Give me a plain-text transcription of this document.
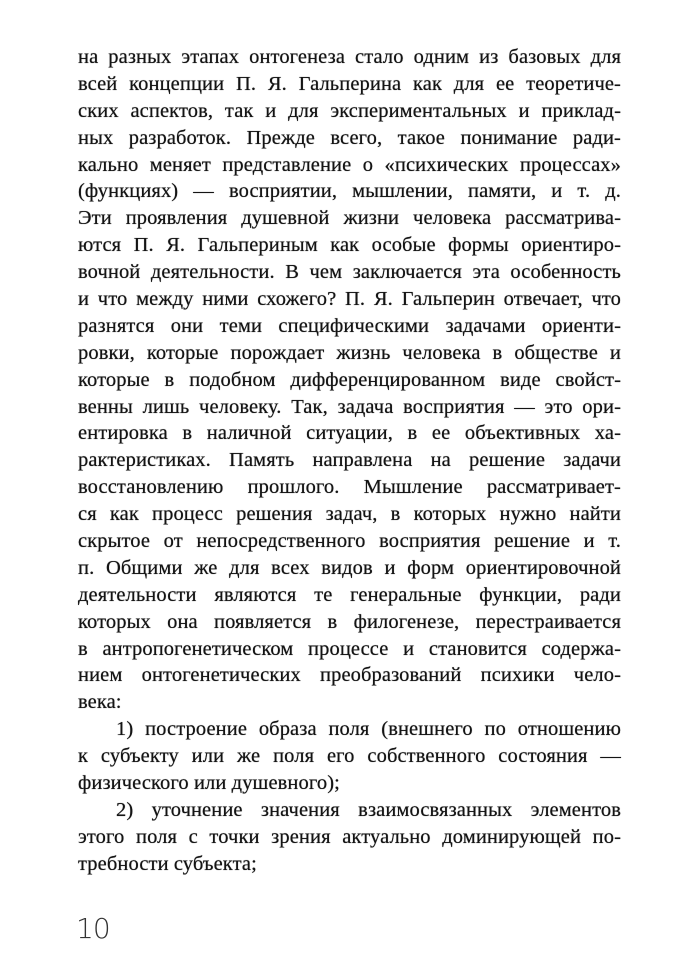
на разных этапах онтогенеза стало одним из базовых для
всей концепции П. Я. Гальперина как для ее теоретиче-
ских аспектов, так и для экспериментальных и приклад-
ных разработок. Прежде всего, такое понимание ради-
кально меняет представление о «психических процессах»
(функциях) — восприятии, мышлении, памяти, и т. д.
Эти проявления душевной жизни человека рассматрива-
ются П. Я. Гальпериным как особые формы ориентиро-
вочной деятельности. В чем заключается эта особенность
и что между ними схожего? П. Я. Гальперин отвечает, что
разнятся они теми специфическими задачами ориенти-
ровки, которые порождает жизнь человека в обществе и
которые в подобном дифференцированном виде свойст-
венны лишь человеку. Так, задача восприятия — это ори-
ентировка в наличной ситуации, в ее объективных ха-
рактеристиках. Память направлена на решение задачи
восстановлению прошлого. Мышление рассматривает-
ся как процесс решения задач, в которых нужно найти
скрытое от непосредственного восприятия решение и т.
п. Общими же для всех видов и форм ориентировочной
деятельности являются те генеральные функции, ради
которых она появляется в филогенезе, перестраивается
в антропогенетическом процессе и становится содержа-
нием онтогенетических преобразований психики чело-
века:
1) построение образа поля (внешнего по отношению
к субъекту или же поля его собственного состояния —
физического или душевного);
2) уточнение значения взаимосвязанных элементов
этого поля с точки зрения актуально доминирующей по-
требности субъекта;
10
